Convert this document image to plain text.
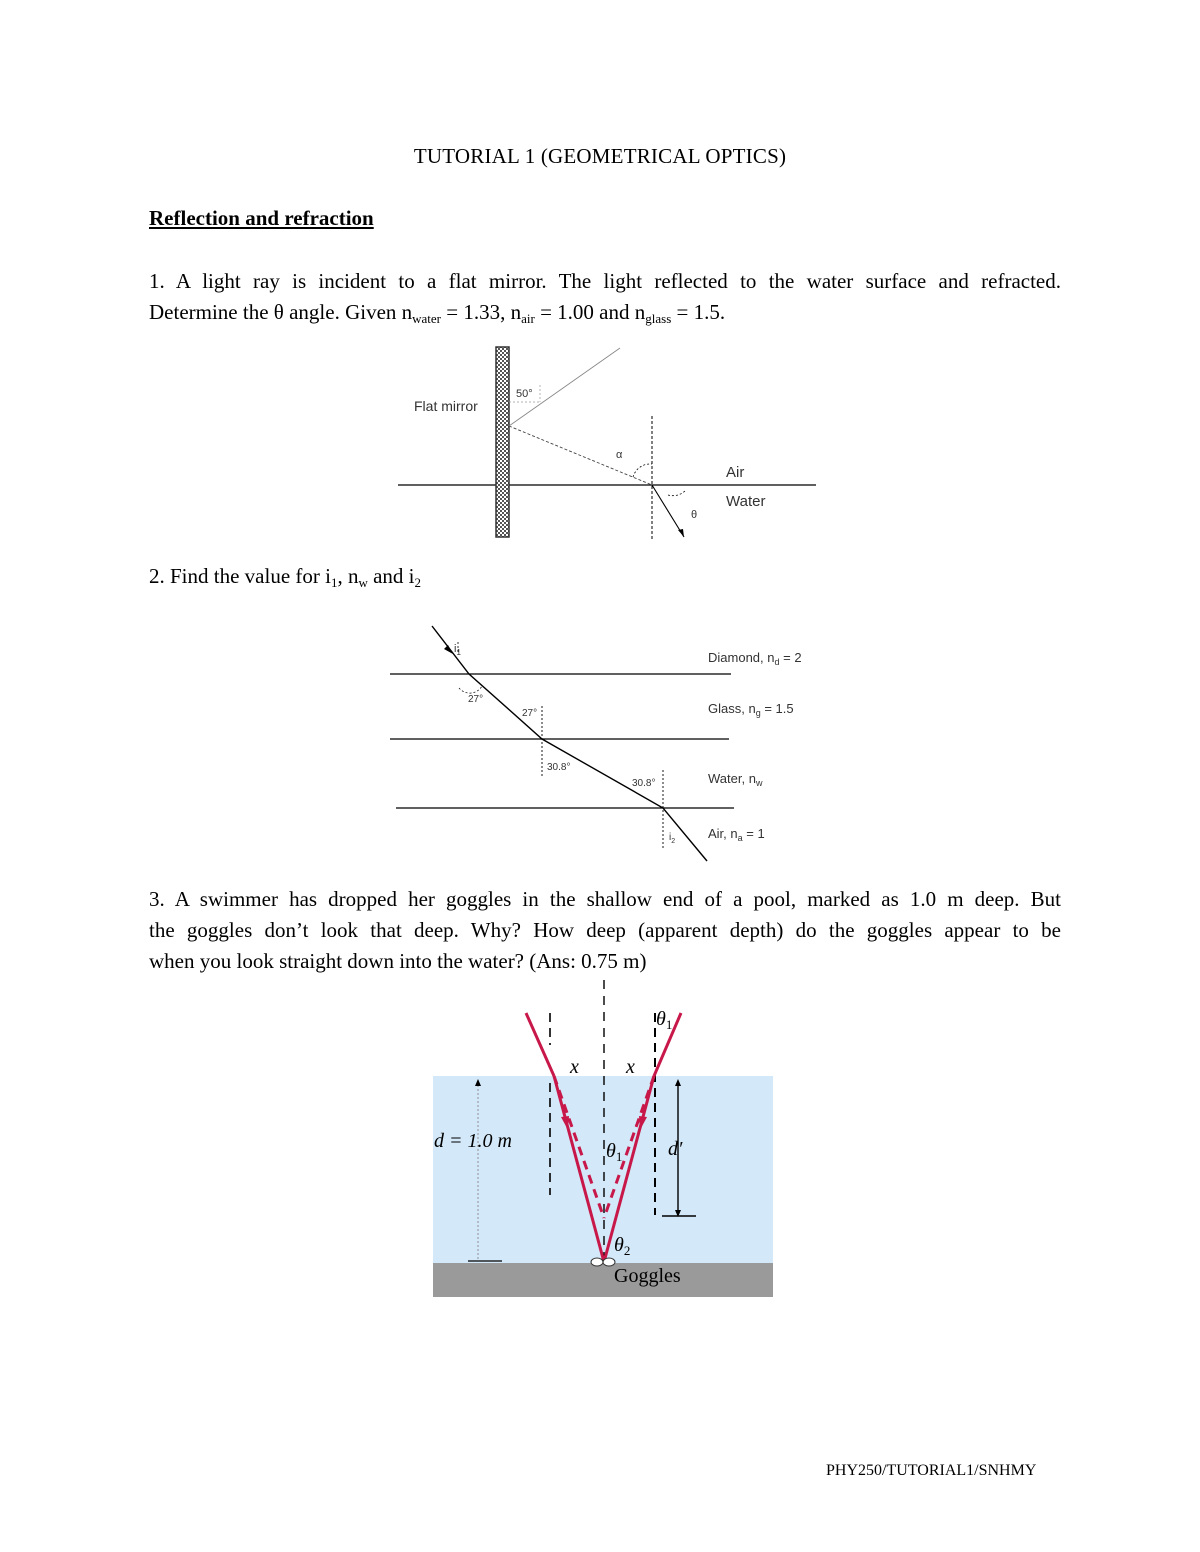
TUTORIAL 1 (GEOMETRICAL OPTICS)
Reflection and refraction
1. A light ray is incident to a flat mirror. The light reflected to the water surface and refracted.
Determine the θ angle. Given $n_{water} = 1.33$, $n_{air} = 1.00$ and $n_{glass} = 1.5$.
Flat mirror
50°
α
θ
Air
Water
2. Find the value for $i_1$, $n_w$ and $i_2$
$i_1$
27°
27°
30.8°
30.8°
$i_2$
Diamond, $n_d = 2$
Glass, $n_g = 1.5$
Water, $n_w$
Air, $n_a = 1$
3. A swimmer has dropped her goggles in the shallow end of a pool, marked as 1.0 m deep. But
the goggles don’t look that deep. Why? How deep (apparent depth) do the goggles appear to be
when you look straight down into the water? (Ans: 0.75 m)
d = 1.0 m
x x
$\theta_1$
$\theta_1$
$\theta_2$
d′
Goggles
PHY250/TUTORIAL1/SNHMY
